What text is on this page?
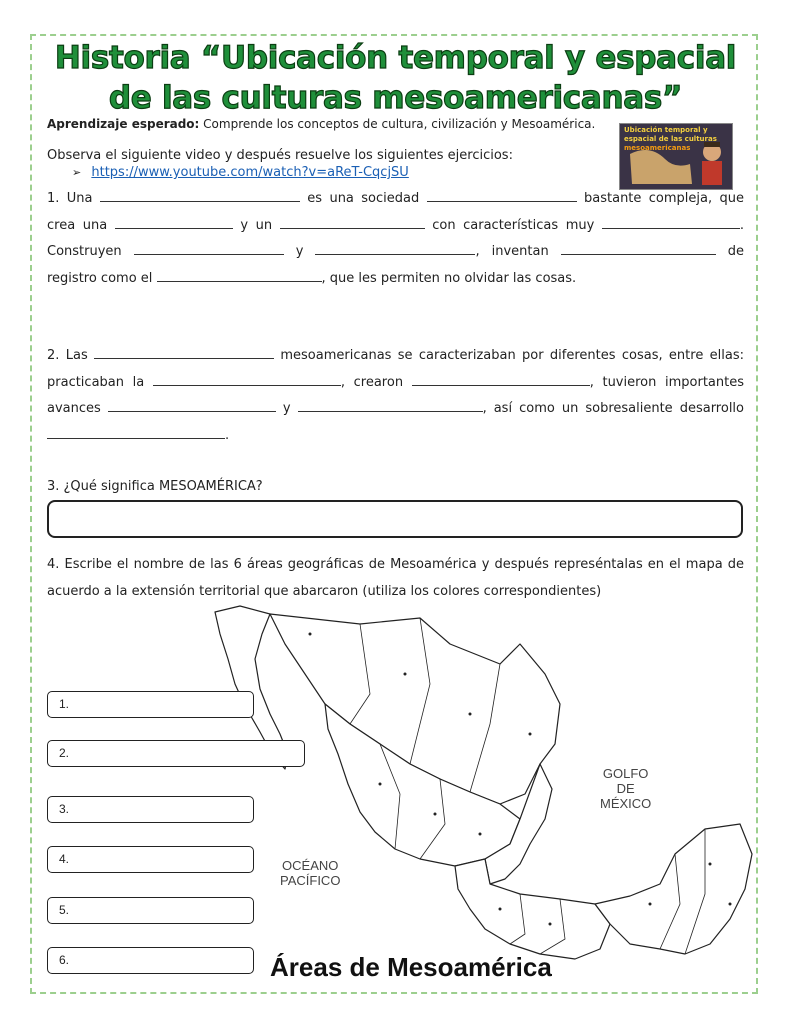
Historia “Ubicación temporal y espacial
de las culturas mesoamericanas”
Aprendizaje esperado: Comprende los conceptos de cultura, civilización y Mesoamérica.
Observa el siguiente video y después resuelve los siguientes ejercicios:
➢ https://www.youtube.com/watch?v=aReT-CqcjSU
Ubicación temporal y
espacial de las culturas
mesoamericanas
1. Una	es una sociedad	bastante compleja, que crea una	y un	con características muy	. Construyen	y	, inventan	de registro como el	, que les permiten no olvidar las cosas.
2. Las	mesoamericanas se caracterizaban por diferentes cosas, entre ellas: practicaban la	, crearon	, tuvieron importantes avances	y	, así como un sobresaliente desarrollo .
3. ¿Qué significa MESOAMÉRICA?
4. Escribe el nombre de las 6 áreas geográficas de Mesoamérica y después represéntalas en el mapa de acuerdo a la extensión territorial que abarcaron (utiliza los colores correspondientes)
GOLFO
DE
MÉXICO
OCÉANO
PACÍFICO
1.
2.
3.
4.
5.
6.	Áreas de Mesoamérica
